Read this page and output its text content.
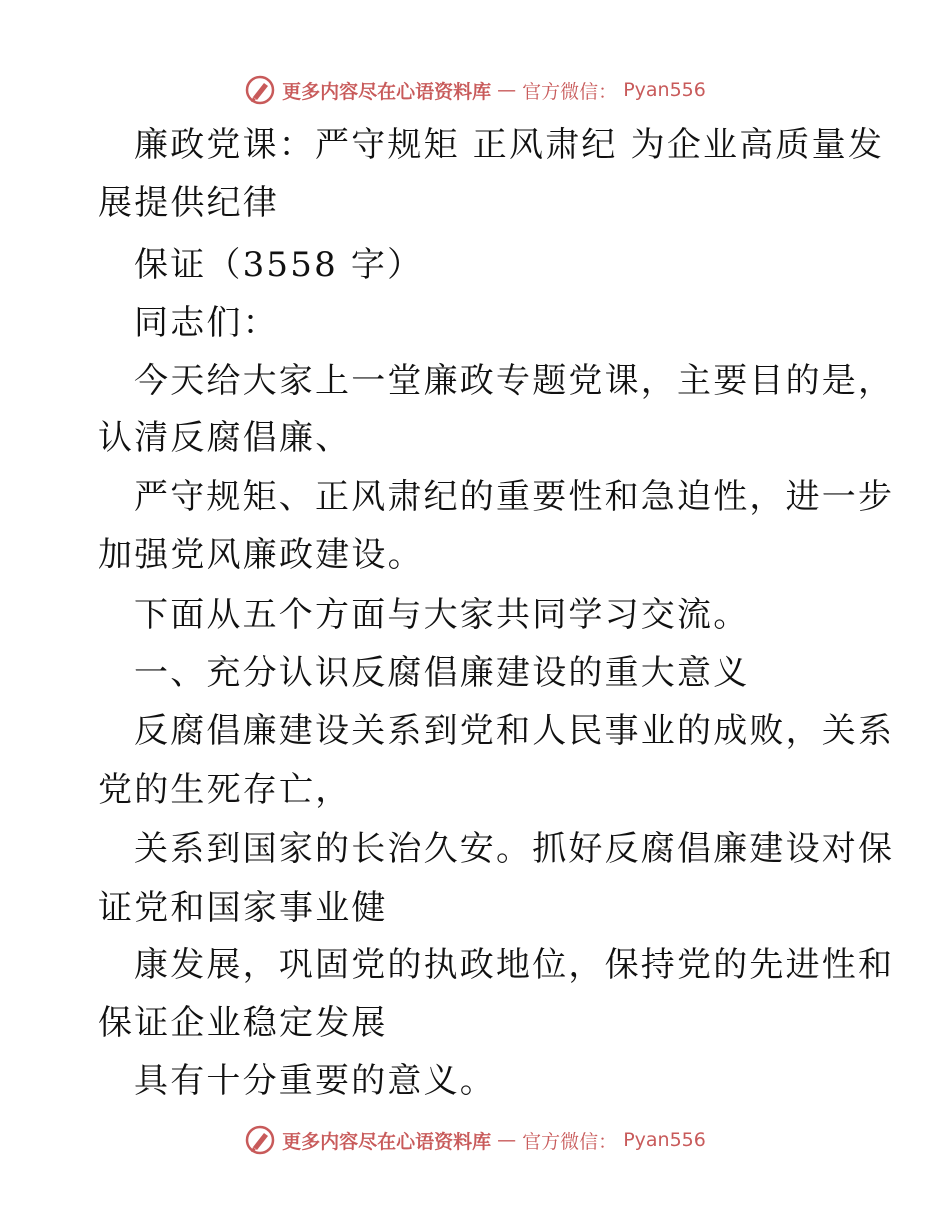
更多内容尽在心语资料库 — 官方微信： Pyan556
廉政党课：严守规矩 正风肃纪 为企业高质量发
展提供纪律
保证（3558 字）
同志们：
今天给大家上一堂廉政专题党课，主要目的是，
认清反腐倡廉、
严守规矩、正风肃纪的重要性和急迫性，进一步
加强党风廉政建设。
下面从五个方面与大家共同学习交流。
一、充分认识反腐倡廉建设的重大意义
反腐倡廉建设关系到党和人民事业的成败，关系
党的生死存亡，
关系到国家的长治久安。抓好反腐倡廉建设对保
证党和国家事业健
康发展，巩固党的执政地位，保持党的先进性和
保证企业稳定发展
具有十分重要的意义。
更多内容尽在心语资料库 — 官方微信： Pyan556
